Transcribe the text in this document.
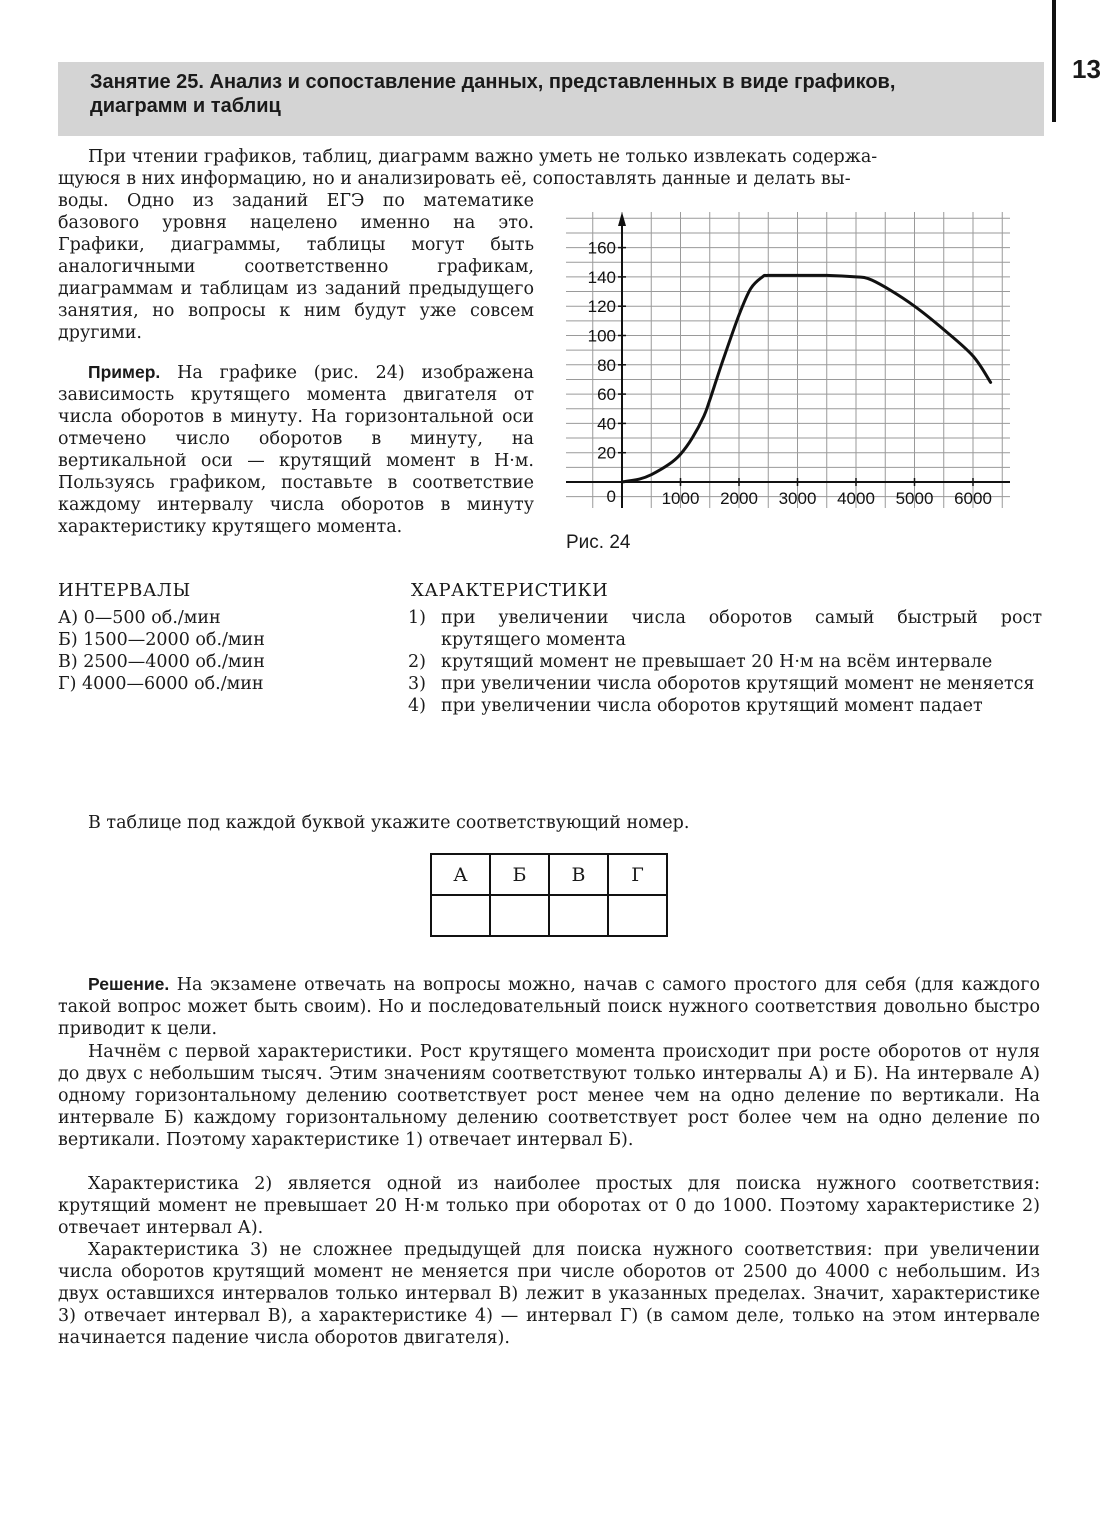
13
Занятие 25. Анализ и сопоставление данных, представленных в виде графиков, диаграмм и таблиц
При чтении графиков, таблиц, диаграмм важно уметь не только извлекать содержа-
щуюся в них информацию, но и анализировать её, сопоставлять данные и делать вы-
воды. Одно из заданий ЕГЭ по математике базового уровня нацелено именно на это. Графики, диаграммы, таблицы могут быть аналогичными соответственно графикам, диаграммам и таблицам из заданий предыдущего занятия, но вопросы к ним будут уже совсем другими.
Пример. На графике (рис. 24) изображена зависимость крутящего момента двигателя от числа оборотов в минуту. На горизонтальной оси отмечено число оборотов в минуту, на вертикальной оси — крутящий момент в Н·м. Пользуясь графиком, поставьте в соответствие каждому интервалу числа оборотов в минуту характеристику крутящего момента.
20
40
60
80
100
120
140
160
1000 2000 3000 4000 5000 6000
0
Рис. 24
ИНТЕРВАЛЫ
А) 0—500 об./мин
Б) 1500—2000 об./мин
В) 2500—4000 об./мин
Г) 4000—6000 об./мин
ХАРАКТЕРИСТИКИ
1) при увеличении числа оборотов самый быстрый рост крутящего момента
2) крутящий момент не превышает 20 Н·м на всём интервале
3) при увеличении числа оборотов крутящий момент не меняется
4) при увеличении числа оборотов крутящий момент падает
В таблице под каждой буквой укажите соответствующий номер.
А	Б	В	Г

Решение. На экзамене отвечать на вопросы можно, начав с самого простого для себя (для каждого такой вопрос может быть своим). Но и последовательный поиск нужного соответствия довольно быстро приводит к цели.
Начнём с первой характеристики. Рост крутящего момента происходит при росте оборотов от нуля до двух с небольшим тысяч. Этим значениям соответствуют только интервалы А) и Б). На интервале А) одному горизонтальному делению соответствует рост менее чем на одно деление по вертикали. На интервале Б) каждому горизонтальному делению соответствует рост более чем на одно деление по вертикали. Поэтому характеристике 1) отвечает интервал Б).
Характеристика 2) является одной из наиболее простых для поиска нужного соответствия: крутящий момент не превышает 20 Н·м только при оборотах от 0 до 1000. Поэтому характеристике 2) отвечает интервал А).
Характеристика 3) не сложнее предыдущей для поиска нужного соответствия: при увеличении числа оборотов крутящий момент не меняется при числе оборотов от 2500 до 4000 с небольшим. Из двух оставшихся интервалов только интервал В) лежит в указанных пределах. Значит, характеристике 3) отвечает интервал В), а характеристике 4) — интервал Г) (в самом деле, только на этом интервале начинается падение числа оборотов двигателя).
